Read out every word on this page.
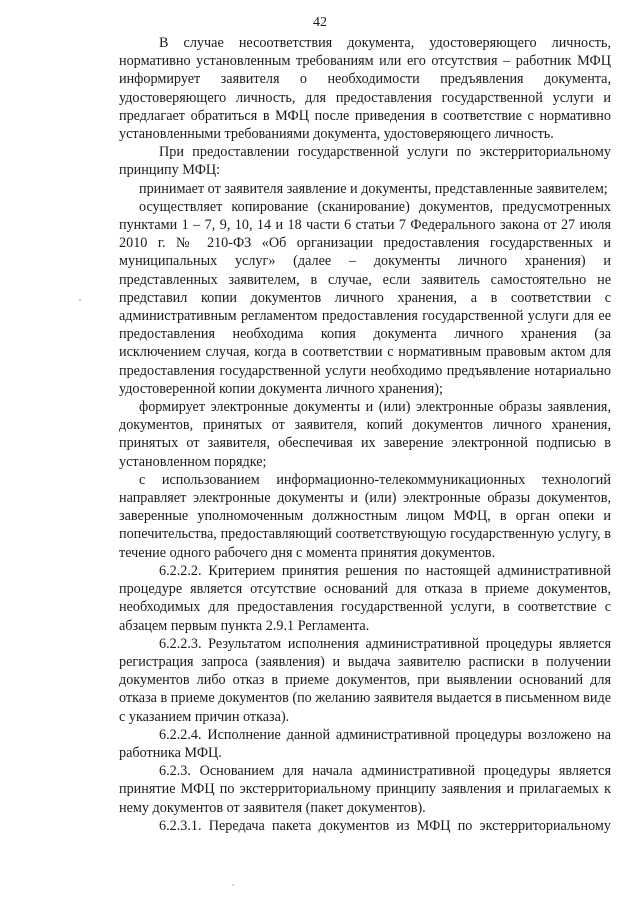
42

В случае несоответствия документа, удостоверяющего личность, нормативно установленным требованиям или его отсутствия – работник МФЦ информирует заявителя о необходимости предъявления документа, удостоверяющего личность, для предоставления государственной услуги и предлагает обратиться в МФЦ после приведения в соответствие с нормативно установленными требованиями документа, удостоверяющего личность.

При предоставлении государственной услуги по экстерриториальному принципу МФЦ:

принимает от заявителя заявление и документы, представленные заявителем;

осуществляет копирование (сканирование) документов, предусмотренных пунктами 1 – 7, 9, 10, 14 и 18 части 6 статьи 7 Федерального закона от 27 июля 2010 г. № 210-ФЗ «Об организации предоставления государственных и муниципальных услуг» (далее – документы личного хранения) и представленных заявителем, в случае, если заявитель самостоятельно не представил копии документов личного хранения, а в соответствии с административным регламентом предоставления государственной услуги для ее предоставления необходима копия документа личного хранения (за исключением случая, когда в соответствии с нормативным правовым актом для предоставления государственной услуги необходимо предъявление нотариально удостоверенной копии документа личного хранения);

формирует электронные документы и (или) электронные образы заявления, документов, принятых от заявителя, копий документов личного хранения, принятых от заявителя, обеспечивая их заверение электронной подписью в установленном порядке;

с использованием информационно-телекоммуникационных технологий направляет электронные документы и (или) электронные образы документов, заверенные уполномоченным должностным лицом МФЦ, в орган опеки и попечительства, предоставляющий соответствующую государственную услугу, в течение одного рабочего дня с момента принятия документов.

6.2.2.2. Критерием принятия решения по настоящей административной процедуре является отсутствие оснований для отказа в приеме документов, необходимых для предоставления государственной услуги, в соответствие с абзацем первым пункта 2.9.1 Регламента.

6.2.2.3. Результатом исполнения административной процедуры является регистрация запроса (заявления) и выдача заявителю расписки в получении документов либо отказ в приеме документов, при выявлении оснований для отказа в приеме документов (по желанию заявителя выдается в письменном виде с указанием причин отказа).

6.2.2.4. Исполнение данной административной процедуры возложено на работника МФЦ.

6.2.3. Основанием для начала административной процедуры является принятие МФЦ по экстерриториальному принципу заявления и прилагаемых к нему документов от заявителя (пакет документов).

6.2.3.1. Передача пакета документов из МФЦ по экстерриториальному
